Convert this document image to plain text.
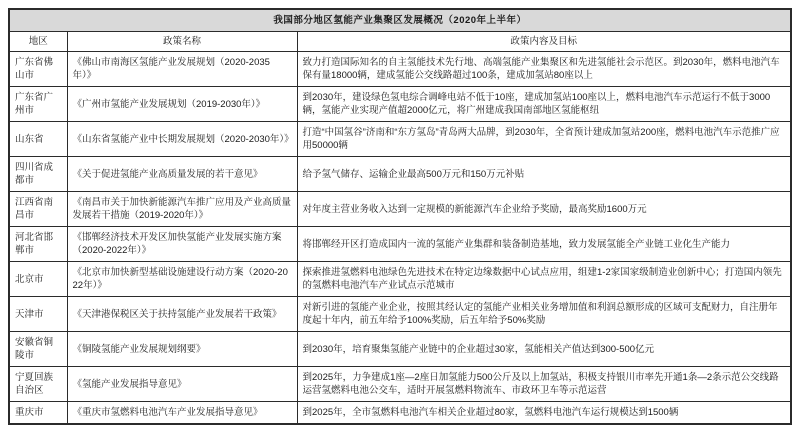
我国部分地区氢能产业集聚区发展概况（2020年上半年）		
地区	政策名称	政策内容及目标
广东省佛山市	《佛山市南海区氢能产业发展规划（2020-2035 年）》	致力打造国际知名的自主氢能技术先行地、高端氢能产业集聚区和先进氢能社会示范区。到2030年，燃料电池汽车保有量18000辆，建成氢能公交线路超过100条，建成加氢站80座以上
广东省广州市	《广州市氢能产业发展规划（2019-2030年）》	到2030年，建设绿色氢电综合调峰电站不低于10座，建成加氢站100座以上，燃料电池汽车示范运行不低于3000辆，氢能产业实现产值超2000亿元，将广州建成我国南部地区氢能枢纽
山东省	《山东省氢能产业中长期发展规划（2020-2030年）》	打造“中国氢谷”济南和“东方氢岛”青岛两大品牌，到2030年，全省预计建成加氢站200座，燃料电池汽车示范推广应用50000辆
四川省成都市	《关于促进氢能产业高质量发展的若干意见》	给予氢气储存、运输企业最高500万元和150万元补贴
江西省南昌市	《南昌市关于加快新能源汽车推广应用及产业高质量发展若干措施（2019-2020年）》	对年度主营业务收入达到一定规模的新能源汽车企业给予奖励，最高奖励1600万元
河北省邯郸市	《邯郸经济技术开发区加快氢能产业发展实施方案（2020-2022年）》	将邯郸经开区打造成国内一流的氢能产业集群和装备制造基地，致力发展氢能全产业链工业化生产能力
北京市	《北京市加快新型基础设施建设行动方案（2020-2022年）》	探索推进氢燃料电池绿色先进技术在特定边缘数据中心试点应用，组建1-2家国家级制造业创新中心；打造国内领先的氢燃料电池汽车产业试点示范城市
天津市	《天津港保税区关于扶持氢能产业发展若干政策》	对新引进的氢能产业企业，按照其经认定的氢能产业相关业务增加值和利润总额形成的区域可支配财力，自注册年度起十年内，前五年给予100%奖励，后五年给予50%奖励
安徽省铜陵市	《铜陵氢能产业发展规划纲要》	到2030年，培育聚集氢能产业链中的企业超过30家，氢能相关产值达到300-500亿元
宁夏回族自治区	《氢能产业发展指导意见》	到2025年，力争建成1座—2座日加氢能力500公斤及以上加氢站，积极支持银川市率先开通1条—2条示范公交线路运营氢燃料电池公交车，适时开展氢燃料物流车、市政环卫车等示范运营
重庆市	《重庆市氢燃料电池汽车产业发展指导意见》	到2025年，全市氢燃料电池汽车相关企业超过80家，氢燃料电池汽车运行规模达到1500辆
